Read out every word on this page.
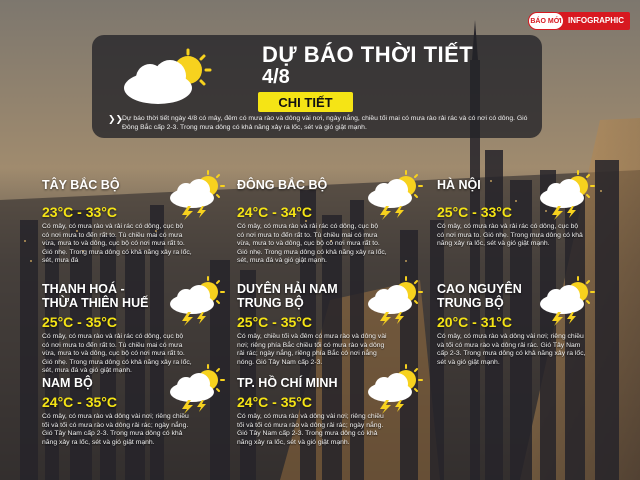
BÁO MỚI INFOGRAPHIC
DỰ BÁO THỜI TIẾT
4/8
CHI TIẾT
❯❯
Dự báo thời tiết ngày 4/8 có mây, đêm có mưa rào và dông vài nơi, ngày nắng, chiều tối mai có mưa rào rải rác và có nơi có dông. Gió Đông Bắc cấp 2-3. Trong mưa dông có khả năng xảy ra lốc, sét và gió giật mạnh.
TÂY BẮC BỘ
23°C - 33°C
Có mây, có mưa rào và rải rác có dông, cục bộ có nơi mưa to đến rất to. Tù chiều mai có mưa vừa, mưa to và dông, cục bộ có nơi mưa rất to. Gió nhẹ. Trong mưa dông có khả năng xảy ra lốc, sét, mưa đá
ĐÔNG BẮC BỘ
24°C - 34°C
Có mây, có mưa rào và rải rác có dông, cục bộ có nơi mưa to đến rất to. Tù chiều mai có mưa vừa, mưa to và dông, cục bộ có nơi mưa rất to. Gió nhẹ. Trong mưa dông có khả năng xảy ra lốc, sét, mưa đá và gió giật mạnh.
HÀ NỘI
25°C - 33°C
Có mây, có mưa rào và rải rác có dông, cục bộ có nơi mưa to. Gió nhẹ. Trong mưa dông có khả năng xảy ra lốc, sét và gió giật mạnh.
THANH HOÁ - THỪA THIÊN HUẾ
25°C - 35°C
Có mây, có mưa rào và rải rác có dông, cục bộ có nơi mưa to đến rất to. Tù chiều mai có mưa vừa, mưa to và dông, cục bộ có nơi mưa rất to. Gió nhẹ. Trong mưa dông có khả năng xảy ra lốc, sét, mưa đá và gió giật mạnh.
DUYÊN HẢI NAM TRUNG BỘ
25°C - 35°C
Có mây, chiều tối và đêm có mưa rào và dông vài nơi; riêng phía Bắc chiều tối có mưa rào và dông rải rác; ngày nắng, riêng phía Bắc có nơi nắng nóng. Gió Tây Nam cấp 2-3.
CAO NGUYÊN TRUNG BỘ
20°C - 31°C
Có mây, có mưa rào và dông vài nơi; riêng chiều và tối có mưa rào và dông rải rác. Gió Tây Nam cấp 2-3. Trong mưa dông có khả năng xảy ra lốc, sét và gió giật mạnh.
NAM BỘ
24°C - 35°C
Có mây, có mưa rào và dông vài nơi; riêng chiều tối và tối có mưa rào và dông rải rác; ngày nắng. Gió Tây Nam cấp 2-3. Trong mưa dông có khả năng xảy ra lốc, sét và gió giật mạnh.
TP. HỒ CHÍ MINH
24°C - 35°C
Có mây, có mưa rào và dông vài nơi; riêng chiều tối và tối có mưa rào và dông rải rác; ngày nắng. Gió Tây Nam cấp 2-3. Trong mưa dông có khả năng xảy ra lốc, sét và gió giật mạnh.
